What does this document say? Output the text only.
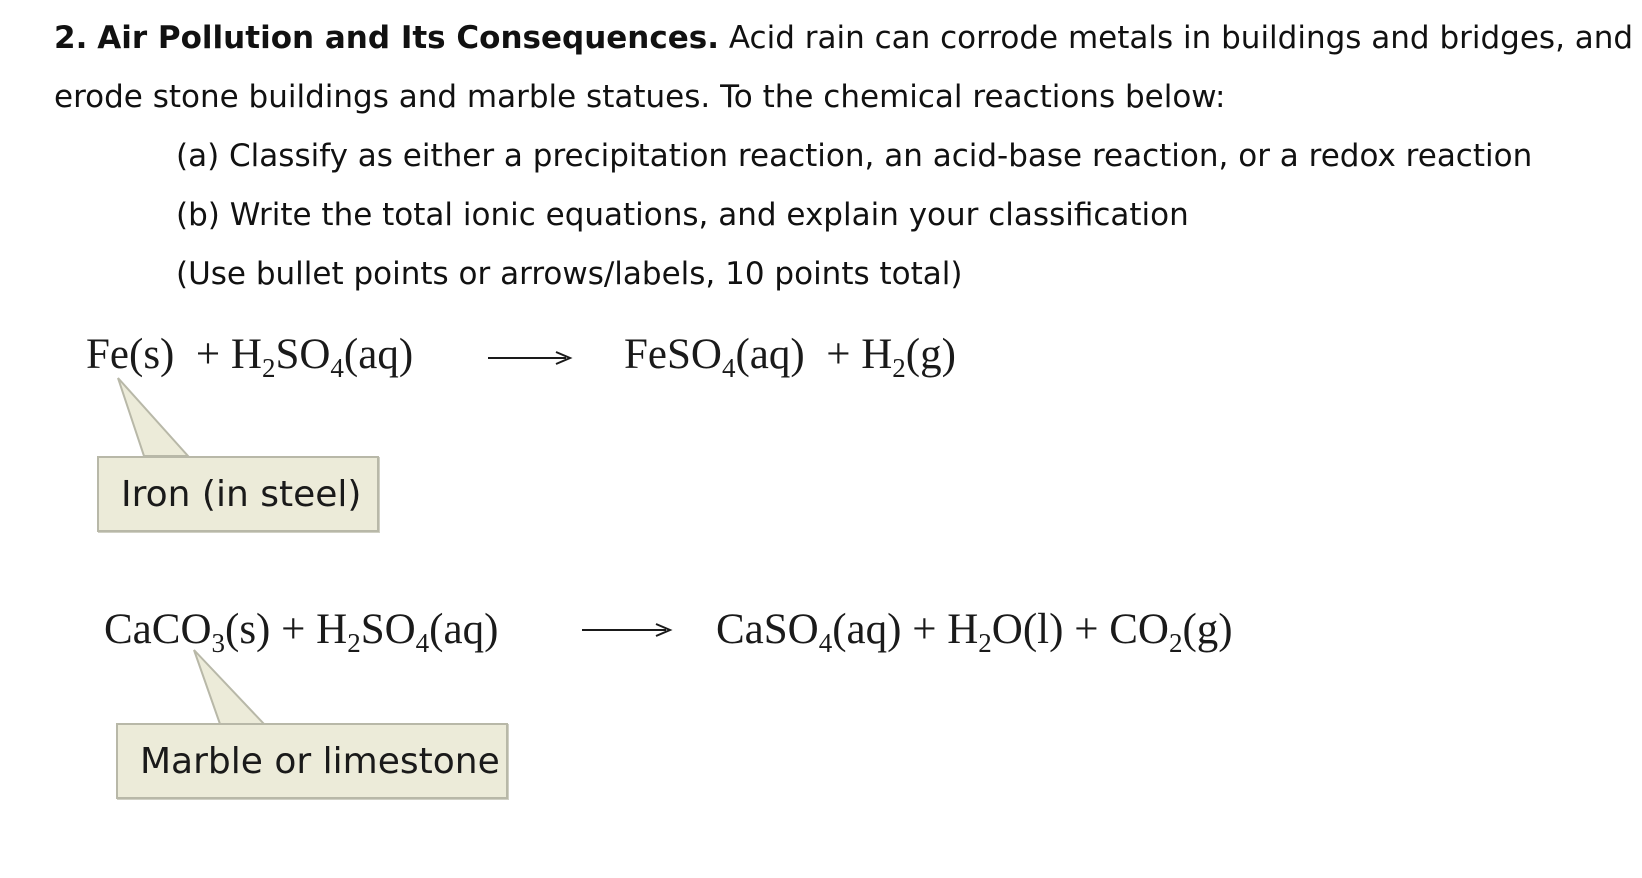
2. Air Pollution and Its Consequences. Acid rain can corrode metals in buildings and bridges, and
erode stone buildings and marble statues. To the chemical reactions below:
(a) Classify as either a precipitation reaction, an acid-base reaction, or a redox reaction
(b) Write the total ionic equations, and explain your classification
(Use bullet points or arrows/labels, 10 points total)
$Fe(s) + H_2SO_4(aq)$	FeSO$_4$(aq) + $H_2(g)$
Iron (in steel)
CaCO$_3$(s) + $H_2SO_4(aq)$	CaSO$_4$(aq) + $H_2O(l) + CO_2(g)$
Marble or limestone
